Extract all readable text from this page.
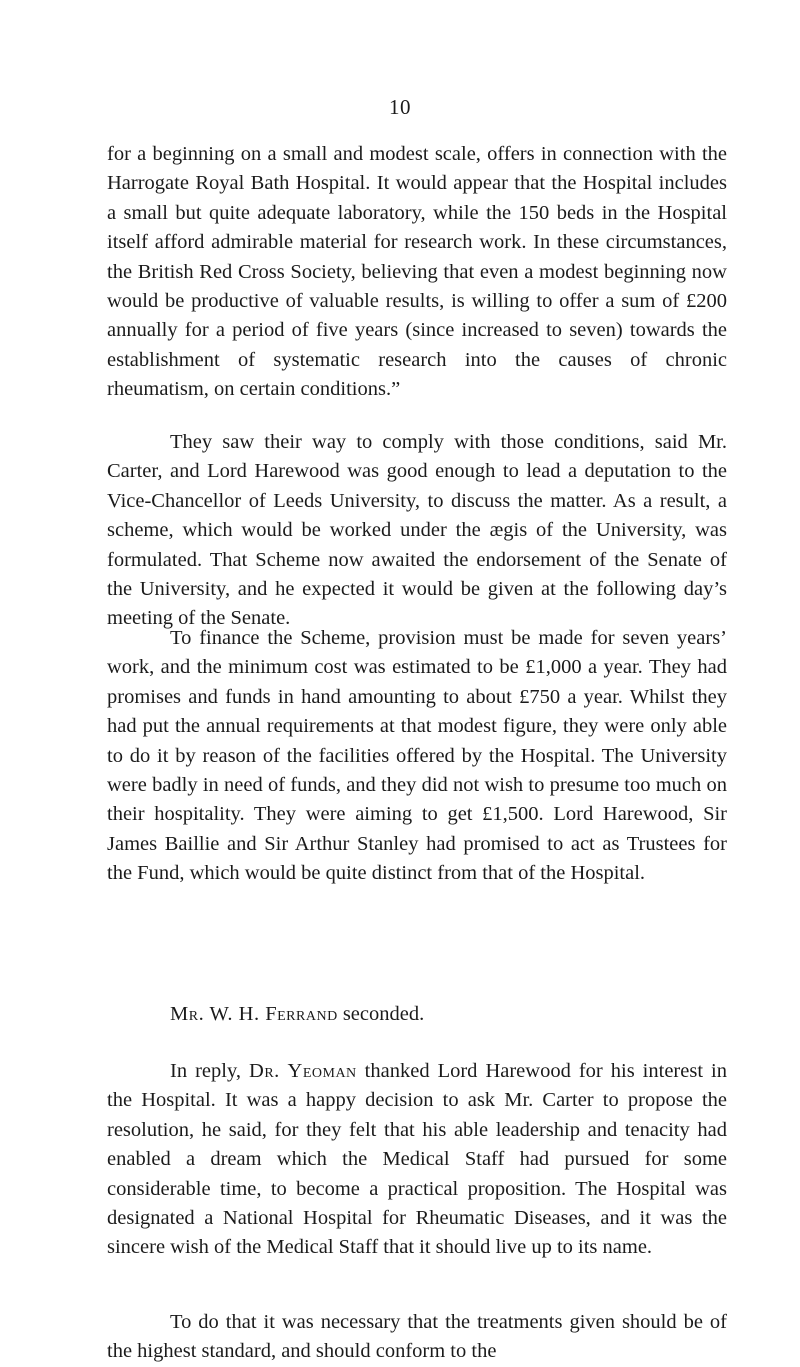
10

for a beginning on a small and modest scale, offers in connection with the Harrogate Royal Bath Hospital. It would appear that the Hospital includes a small but quite adequate laboratory, while the 150 beds in the Hospital itself afford admirable material for research work. In these circumstances, the British Red Cross Society, believing that even a modest beginning now would be productive of valuable results, is willing to offer a sum of £200 annually for a period of five years (since increased to seven) towards the establishment of systematic research into the causes of chronic rheumatism, on certain conditions.”

They saw their way to comply with those conditions, said Mr. Carter, and Lord Harewood was good enough to lead a deputation to the Vice-Chancellor of Leeds University, to discuss the matter. As a result, a scheme, which would be worked under the ægis of the University, was formulated. That Scheme now awaited the endorsement of the Senate of the University, and he expected it would be given at the following day’s meeting of the Senate.

To finance the Scheme, provision must be made for seven years’ work, and the minimum cost was estimated to be £1,000 a year. They had promises and funds in hand amounting to about £750 a year. Whilst they had put the annual requirements at that modest figure, they were only able to do it by reason of the facilities offered by the Hospital. The University were badly in need of funds, and they did not wish to presume too much on their hospitality. They were aiming to get £1,500. Lord Harewood, Sir James Baillie and Sir Arthur Stanley had promised to act as Trustees for the Fund, which would be quite distinct from that of the Hospital.

Mr. W. H. Ferrand seconded.

In reply, Dr. Yeoman thanked Lord Harewood for his interest in the Hospital. It was a happy decision to ask Mr. Carter to propose the resolution, he said, for they felt that his able leadership and tenacity had enabled a dream which the Medical Staff had pursued for some considerable time, to become a practical proposition. The Hospital was designated a National Hospital for Rheumatic Diseases, and it was the sincere wish of the Medical Staff that it should live up to its name.

To do that it was necessary that the treatments given should be of the highest standard, and should conform to the
